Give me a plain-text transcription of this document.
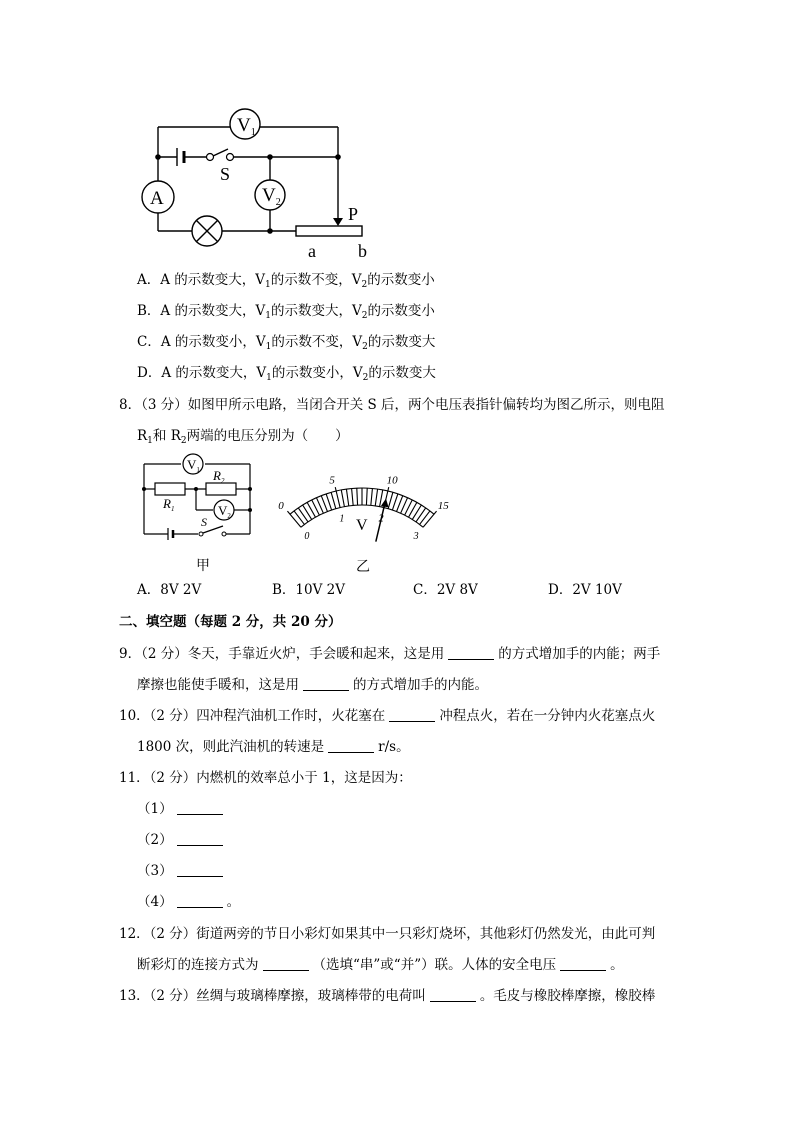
$V_1$
$V_2$
A
S
P
a b
A．A 的示数变大，$V_1$的示数不变，$V_2$的示数变小
B．A 的示数变大，$V_1$的示数变大，$V_2$的示数变小
C．A 的示数变小，$V_1$的示数不变，$V_2$的示数变大
D．A 的示数变大，$V_1$的示数变小，$V_2$的示数变大
8．（3 分）如图甲所示电路，当闭合开关 S 后，两个电压表指针偏转均为图乙所示，则电阻
$R_1$和 $R_2$两端的电压分别为（　　）
$V_1$
$V_2$
$R_2$
$R_1$
S
甲
0
5	10
15
0
1	2
3
V
乙
A．8V 2V	B．10V 2V	C．2V 8V	D．2V 10V
二、填空题（每题 2 分，共 20 分）
9．（2 分）冬天，手靠近火炉，手会暖和起来，这是用	的方式增加手的内能；两手
摩擦也能使手暖和，这是用	的方式增加手的内能。
10．（2 分）四冲程汽油机工作时，火花塞在	冲程点火，若在一分钟内火花塞点火
1800 次，则此汽油机的转速是	r/s。
11．（2 分）内燃机的效率总小于 1，这是因为：
（1）
（2）
（3）
（4）	。
12．（2 分）街道两旁的节日小彩灯如果其中一只彩灯烧坏，其他彩灯仍然发光，由此可判
断彩灯的连接方式为	（选填“串”或“并”）联。人体的安全电压	。
13．（2 分）丝绸与玻璃棒摩擦，玻璃棒带的电荷叫	。毛皮与橡胶棒摩擦，橡胶棒
